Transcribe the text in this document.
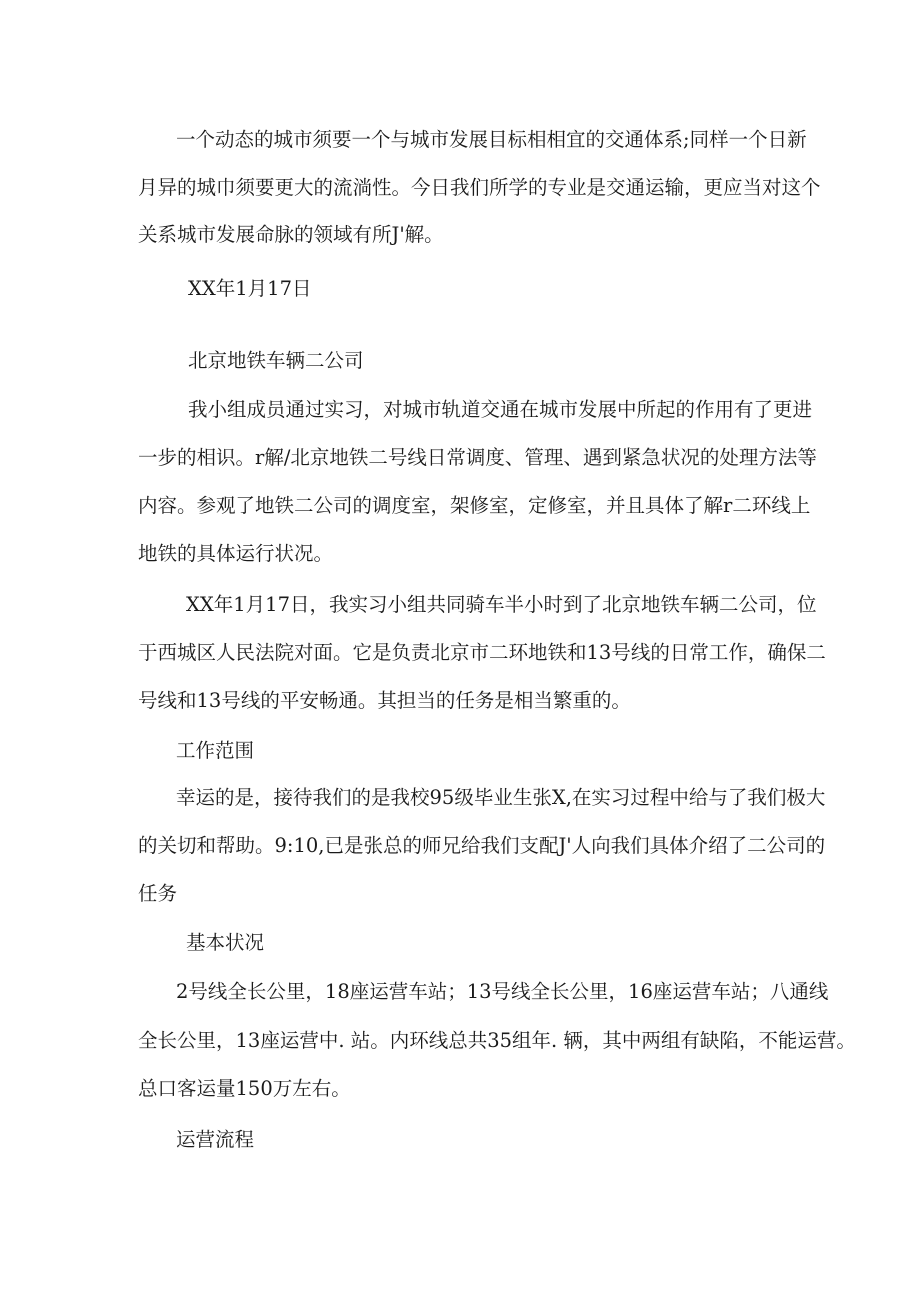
一个动态的城市须要一个与城市发展目标相相宜的交通体系;同样一个日新
月异的城巾须要更大的流淌性。今日我们所学的专业是交通运输，更应当对这个
关系城市发展命脉的领域有所J'解。
XX年1月17日
北京地铁车辆二公司
我小组成员通过实习，对城市轨道交通在城市发展中所起的作用有了更进
一步的相识。r解/北京地铁二号线日常调度、管理、遇到紧急状况的处理方法等
内容。参观了地铁二公司的调度室，架修室，定修室，并且具体了解r二环线上
地铁的具体运行状况。
XX年1月17日，我实习小组共同骑车半小时到了北京地铁车辆二公司，位
于西城区人民法院对面。它是负责北京市二环地铁和13号线的日常工作，确保二
号线和13号线的平安畅通。其担当的任务是相当繁重的。
工作范围
幸运的是，接待我们的是我校95级毕业生张X,在实习过程中给与了我们极大
的关切和帮助。9:10,已是张总的师兄给我们支配J'人向我们具体介绍了二公司的
任务
基本状况
2号线全长公里，18座运营车站；13号线全长公里，16座运营车站；八通线
全长公里，13座运营中. 站。内环线总共35组年. 辆，其中两组有缺陷，不能运营。
总口客运量150万左右。
运营流程
